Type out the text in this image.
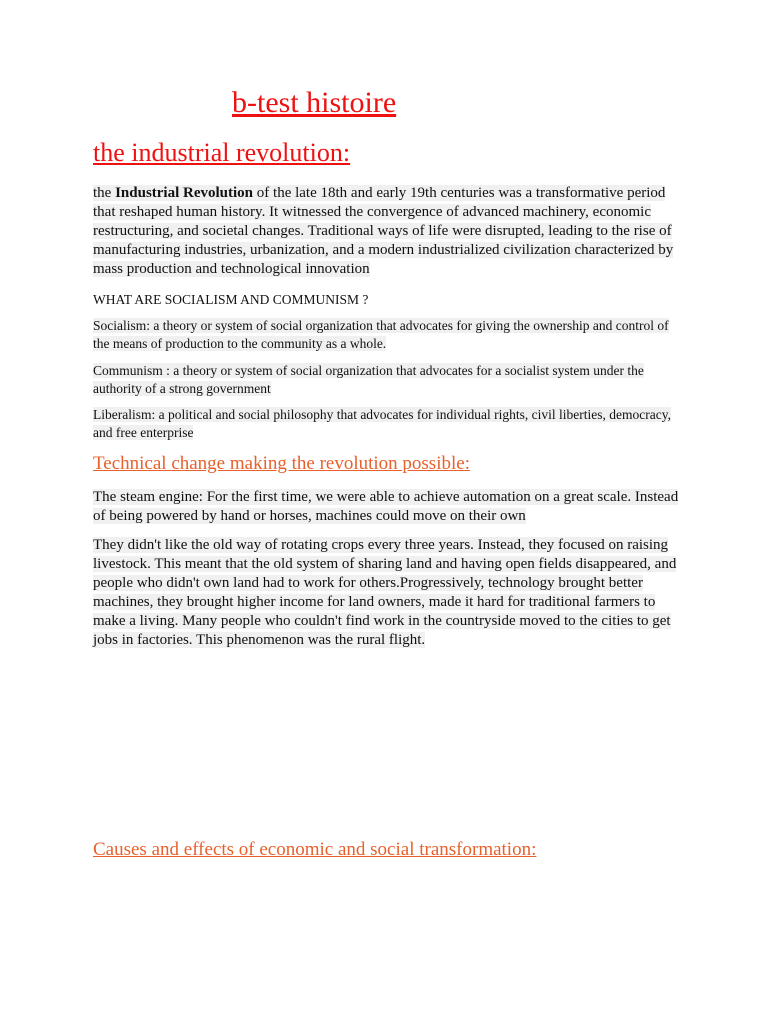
b-test histoire
the industrial revolution:
the Industrial Revolution of the late 18th and early 19th centuries was a transformative period that reshaped human history. It witnessed the convergence of advanced machinery, economic restructuring, and societal changes. Traditional ways of life were disrupted, leading to the rise of manufacturing industries, urbanization, and a modern industrialized civilization characterized by mass production and technological innovation
WHAT ARE SOCIALISM AND COMMUNISM ?
Socialism: a theory or system of social organization that advocates for giving the ownership and control of the means of production to the community as a whole.
Communism : a theory or system of social organization that advocates for a socialist system under the authority of a strong government
Liberalism: a political and social philosophy that advocates for individual rights, civil liberties, democracy, and free enterprise
Technical change making the revolution possible:
The steam engine: For the first time, we were able to achieve automation on a great scale. Instead of being powered by hand or horses, machines could move on their own
They didn't like the old way of rotating crops every three years. Instead, they focused on raising livestock. This meant that the old system of sharing land and having open fields disappeared, and people who didn't own land had to work for others.Progressively, technology brought better machines, they brought higher income for land owners, made it hard for traditional farmers to make a living. Many people who couldn't find work in the countryside moved to the cities to get jobs in factories. This phenomenon was the rural flight.
Causes and effects of economic and social transformation:
